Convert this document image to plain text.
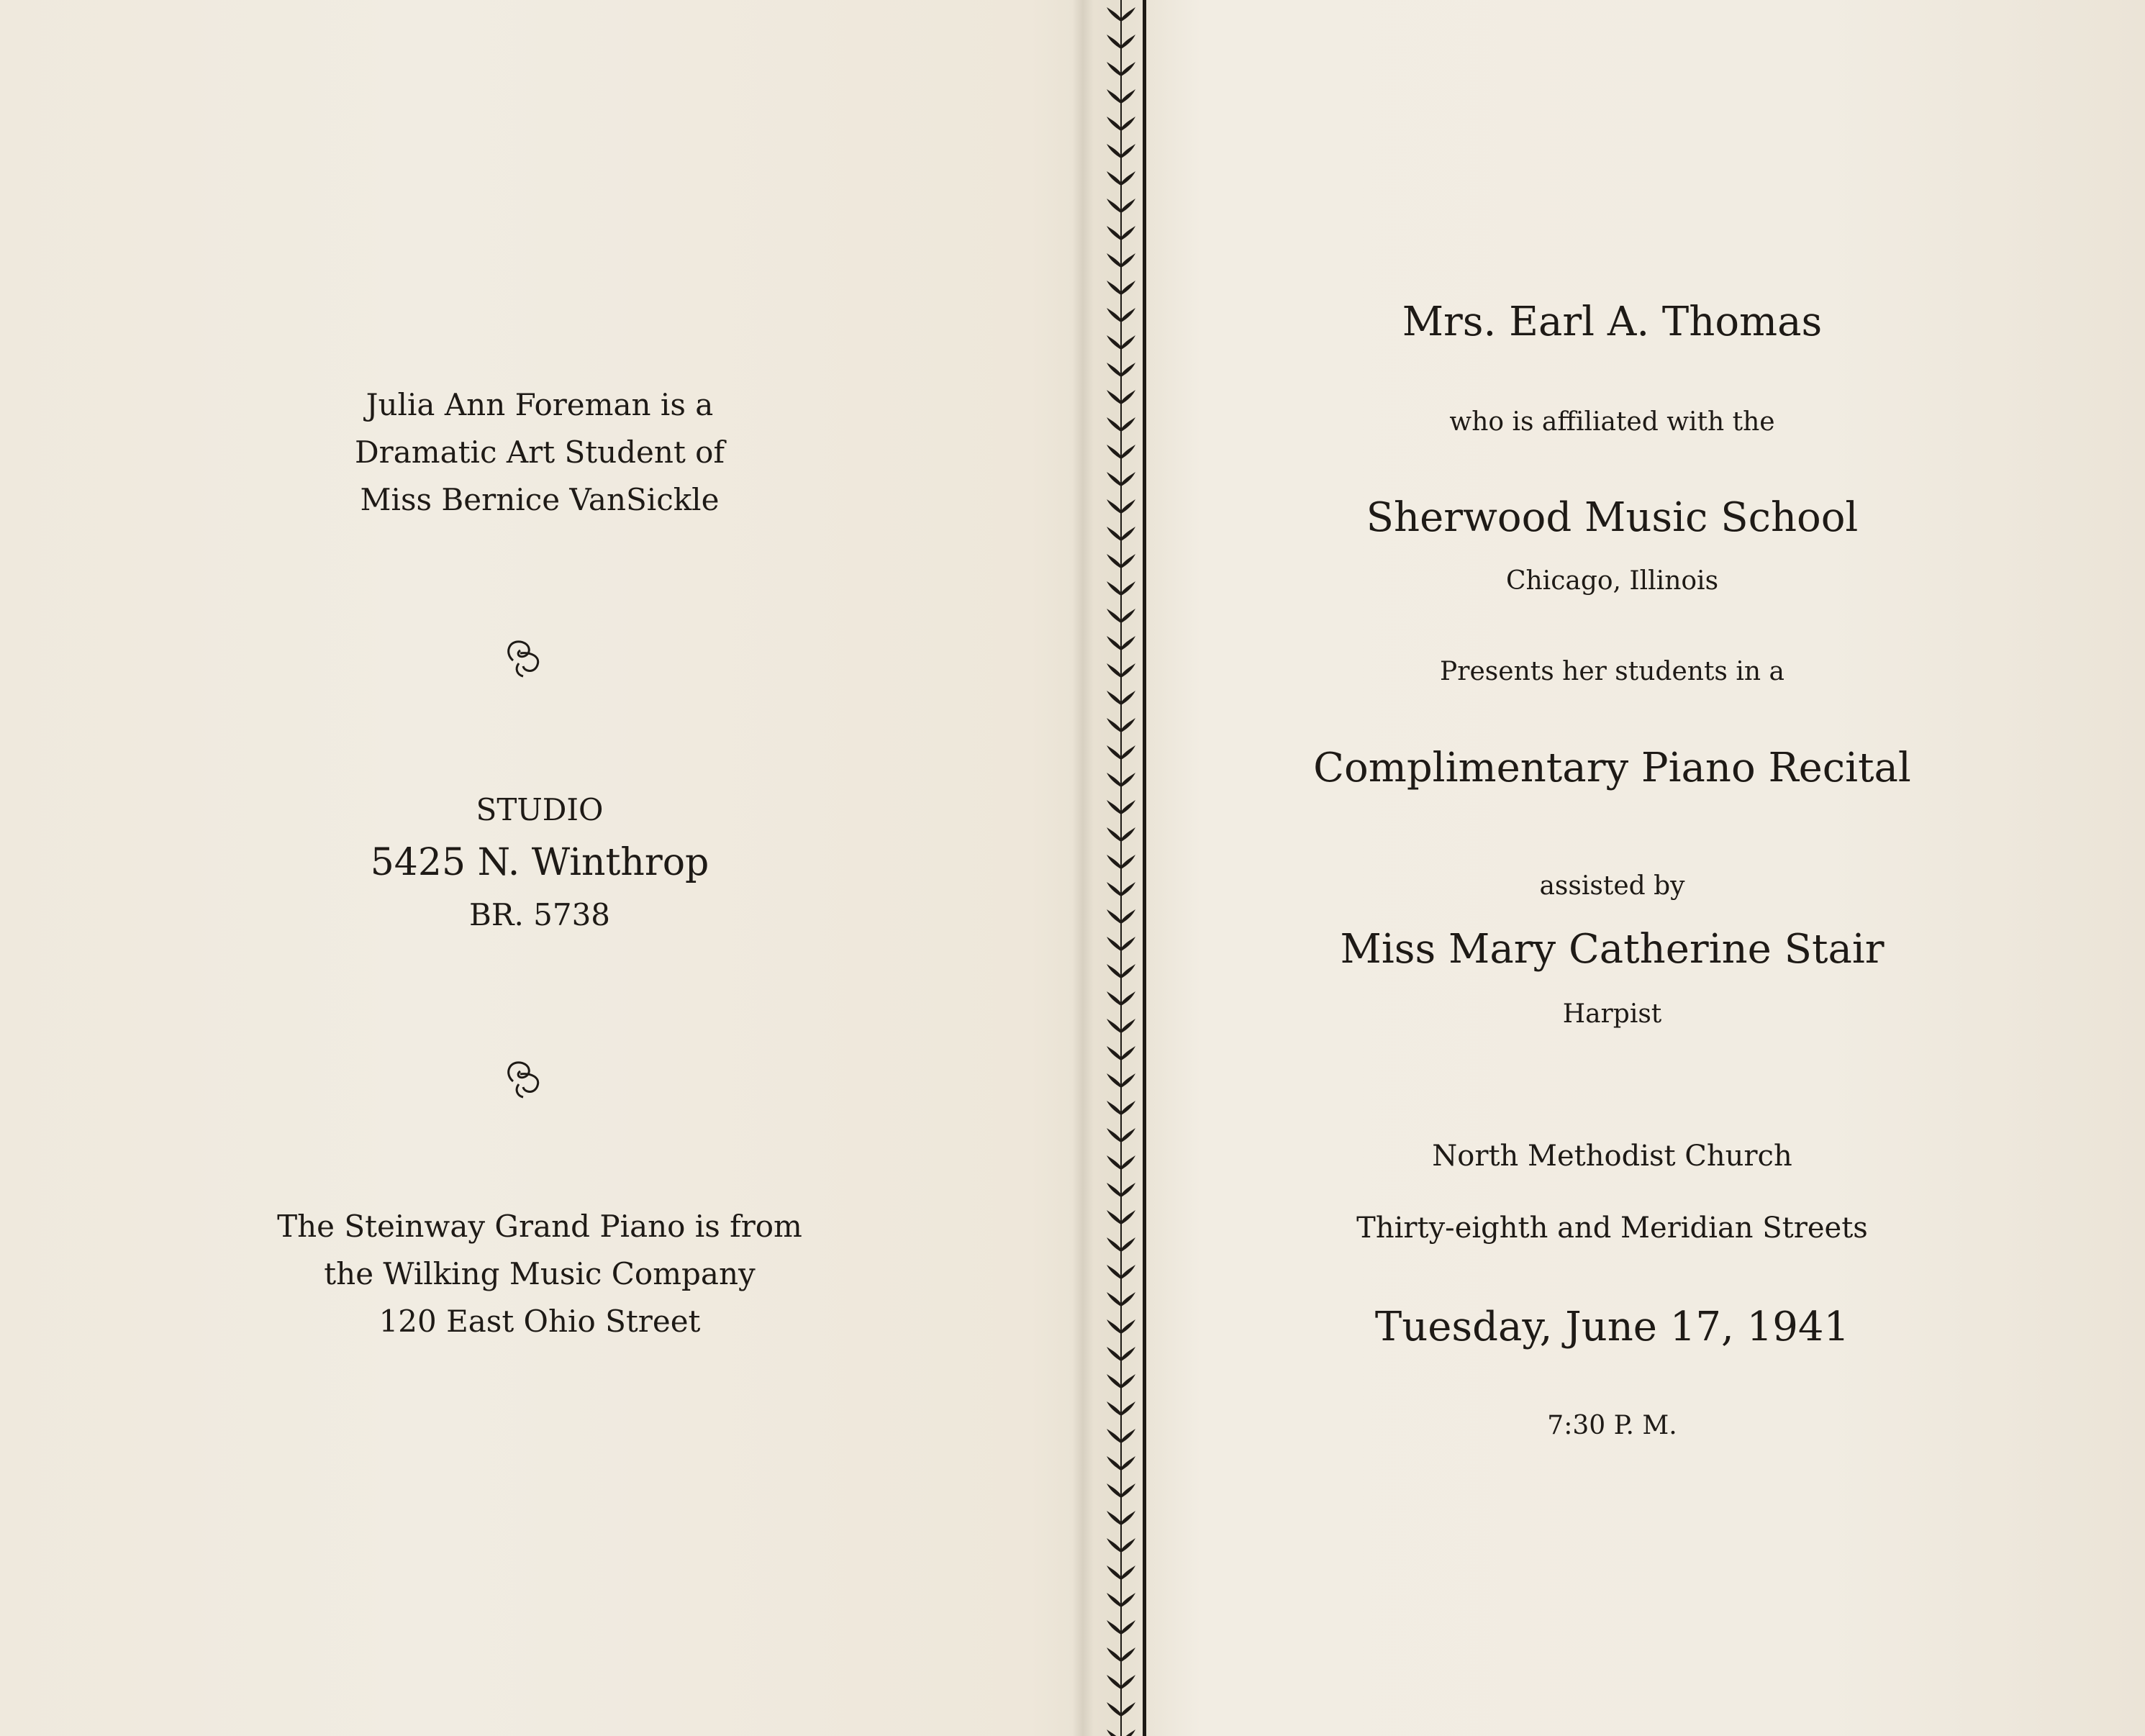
Julia Ann Foreman is a
Dramatic Art Student of
Miss Bernice VanSickle
STUDIO
5425 N. Winthrop
BR. 5738
The Steinway Grand Piano is from
the Wilking Music Company
120 East Ohio Street
Mrs. Earl A. Thomas
who is affiliated with the
Sherwood Music School
Chicago, Illinois
Presents her students in a
Complimentary Piano Recital
assisted by
Miss Mary Catherine Stair
Harpist
North Methodist Church
Thirty-eighth and Meridian Streets
Tuesday, June 17, 1941
7:30 P. M.
